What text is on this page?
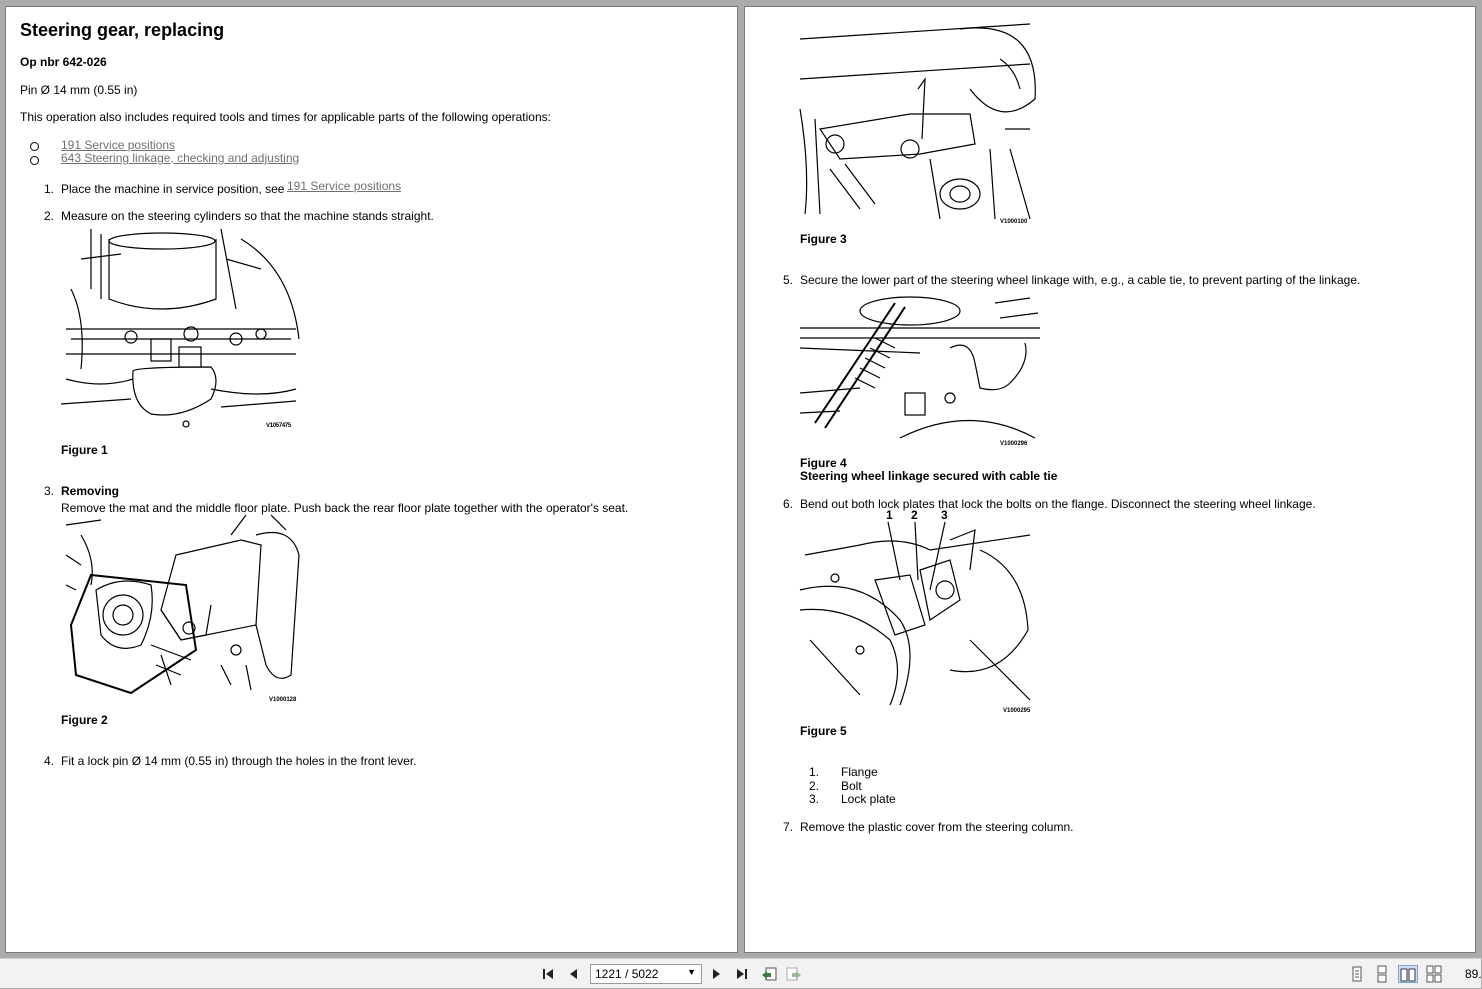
Steering gear, replacing
Op nbr 642-026
Pin Ø 14 mm (0.55 in)
This operation also includes required tools and times for applicable parts of the following operations:
191 Service positions
643 Steering linkage, checking and adjusting
1. Place the machine in service position, see 191 Service positions
2. Measure on the steering cylinders so that the machine stands straight.
V1057475
Figure 1
3. Removing
Remove the mat and the middle floor plate. Push back the rear floor plate together with the operator's seat.
V1000128
Figure 2
4. Fit a lock pin Ø 14 mm (0.55 in) through the holes in the front lever.
V1000100
Figure 3
5. Secure the lower part of the steering wheel linkage with, e.g., a cable tie, to prevent parting of the linkage.
V1000296
Figure 4
Steering wheel linkage secured with cable tie
6. Bend out both lock plates that lock the bolts on the flange. Disconnect the steering wheel linkage.
1 2 3
V1000295
Figure 5
1. Flange
2. Bolt
3. Lock plate
7. Remove the plastic cover from the steering column.
1221 / 5022	▼	89.
